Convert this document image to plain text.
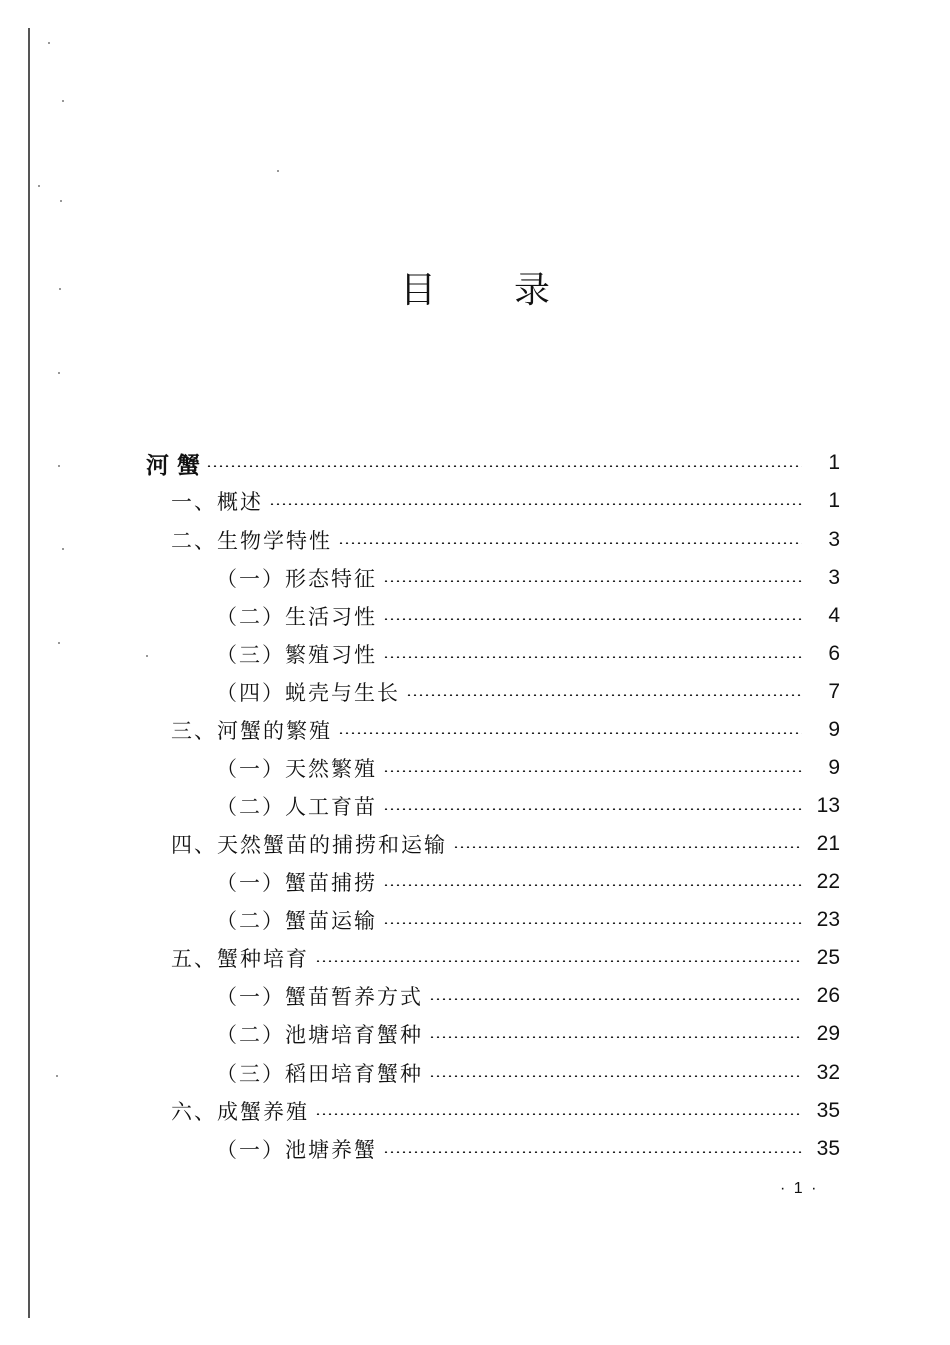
目 录
河 蟹	1
一、概述	1
二、生物学特性	3
（一）形态特征	3
（二）生活习性	4
（三）繁殖习性	6
（四）蜕壳与生长	7
三、河蟹的繁殖	9
（一）天然繁殖	9
（二）人工育苗	13
四、天然蟹苗的捕捞和运输	21
（一）蟹苗捕捞	22
（二）蟹苗运输	23
五、蟹种培育	25
（一）蟹苗暂养方式	26
（二）池塘培育蟹种	29
（三）稻田培育蟹种	32
六、成蟹养殖	35
（一）池塘养蟹	35
· 1 ·
